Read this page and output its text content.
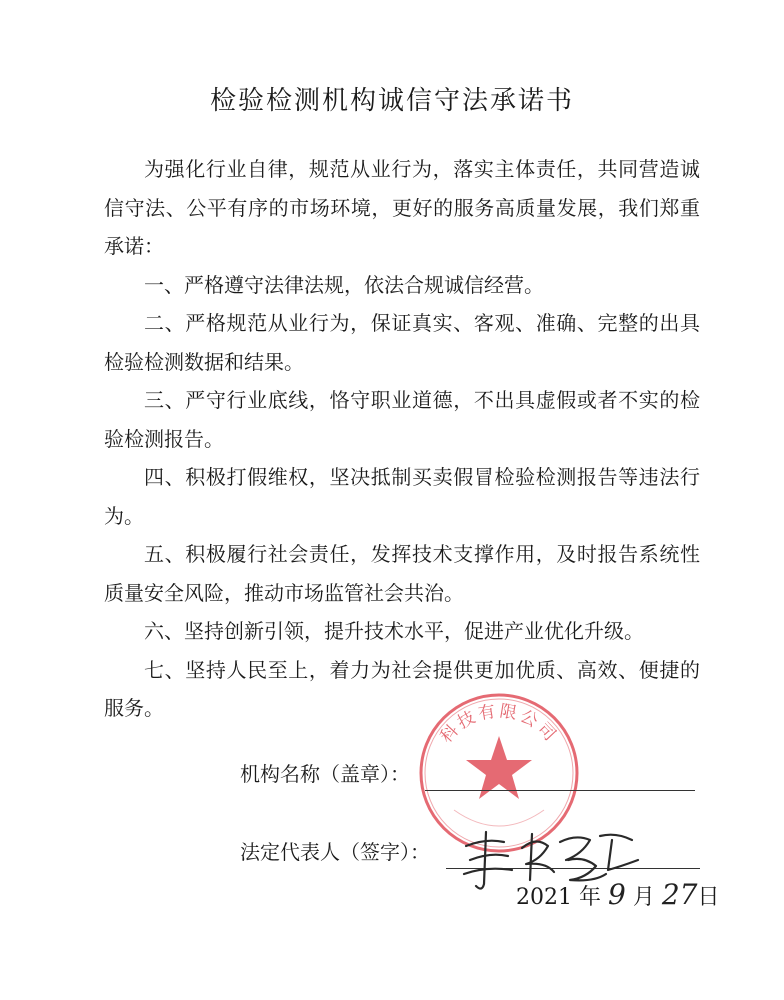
检验检测机构诚信守法承诺书

为强化行业自律，规范从业行为，落实主体责任，共同营造诚信守法、公平有序的市场环境，更好的服务高质量发展，我们郑重承诺：

一、严格遵守法律法规，依法合规诚信经营。

二、严格规范从业行为，保证真实、客观、准确、完整的出具检验检测数据和结果。

三、严守行业底线，恪守职业道德，不出具虚假或者不实的检验检测报告。

四、积极打假维权，坚决抵制买卖假冒检验检测报告等违法行为。

五、积极履行社会责任，发挥技术支撑作用，及时报告系统性质量安全风险，推动市场监管社会共治。

六、坚持创新引领，提升技术水平，促进产业优化升级。

七、坚持人民至上，着力为社会提供更加优质、高效、便捷的服务。

科技有限公司
机构名称（盖章）：
法定代表人（签字）：
2021 年 9 月 27日
